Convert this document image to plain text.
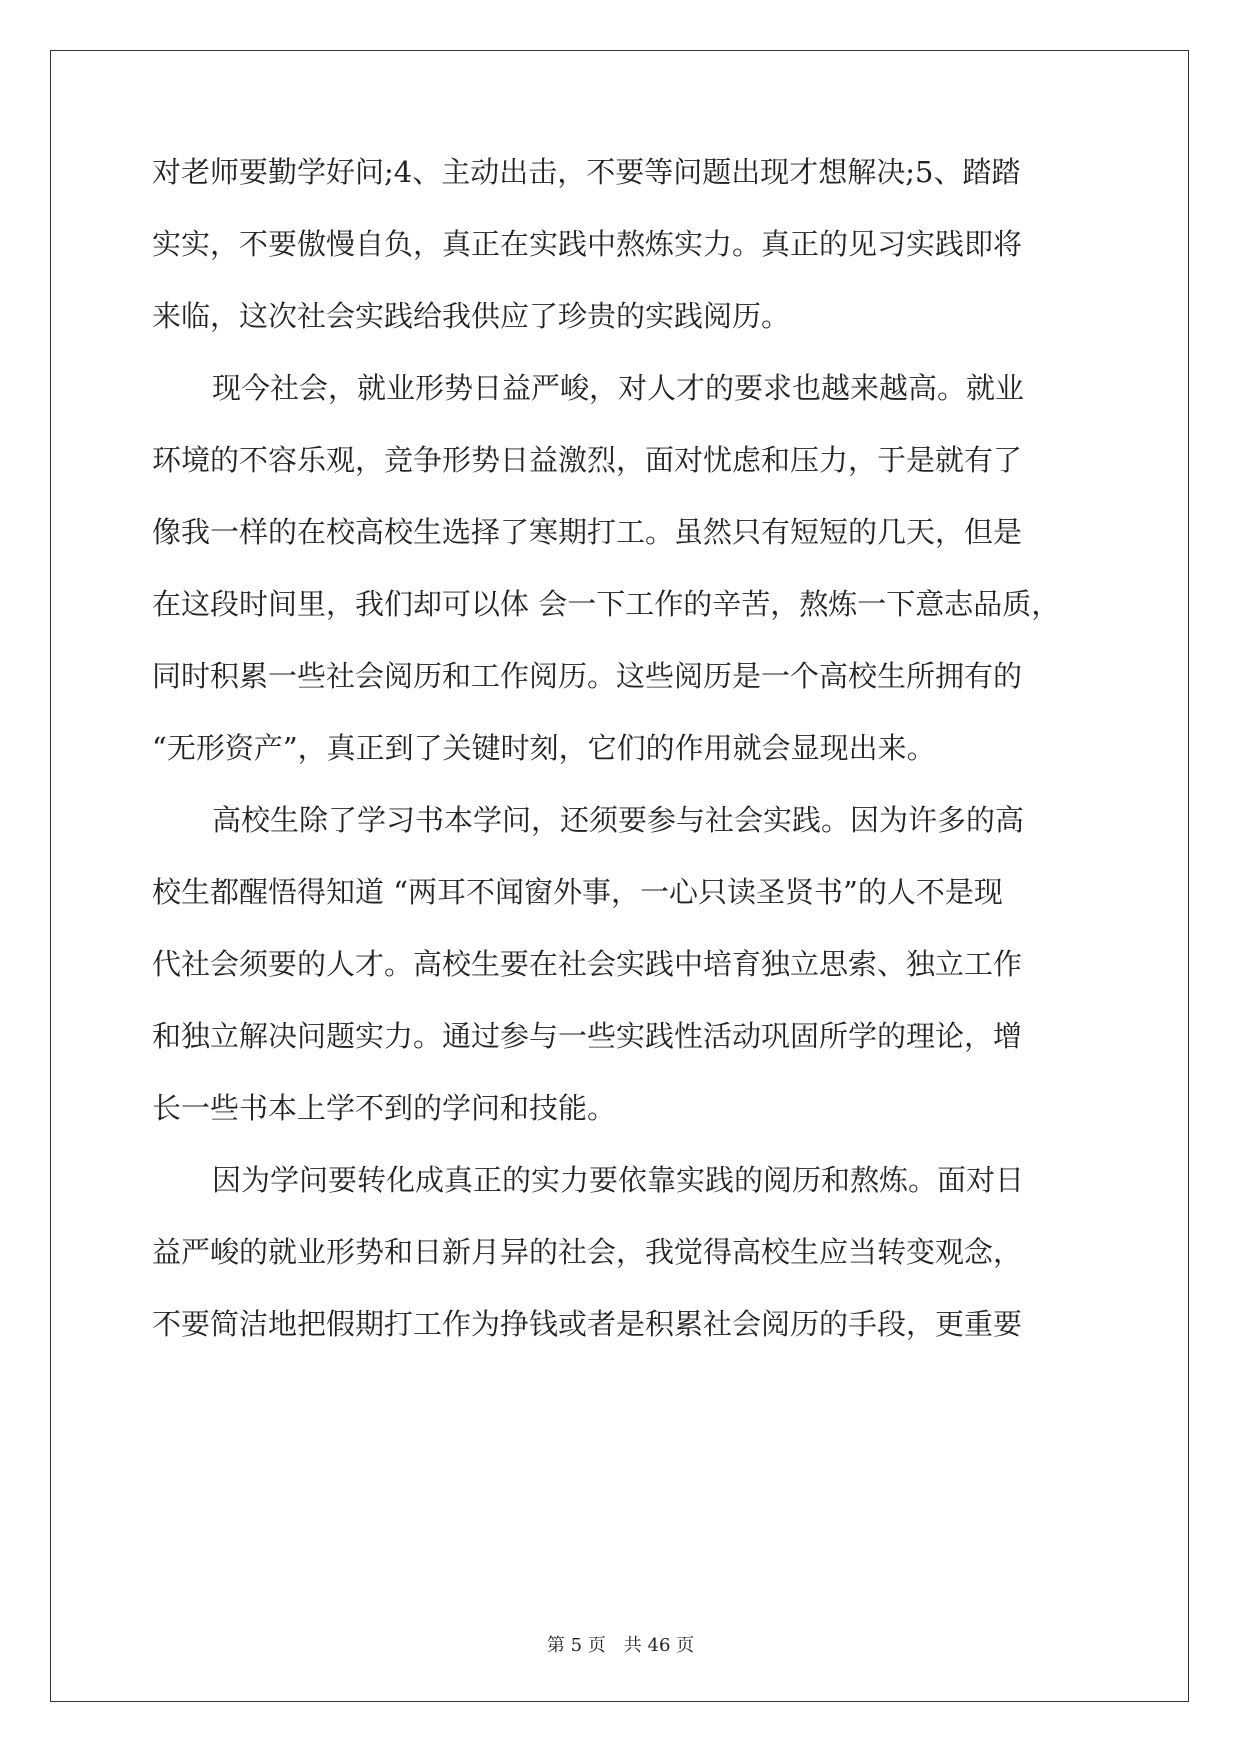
对老师要勤学好问;4、主动出击，不要等问题出现才想解决;5、踏踏
实实，不要傲慢自负，真正在实践中熬炼实力。真正的见习实践即将
来临，这次社会实践给我供应了珍贵的实践阅历。
现今社会，就业形势日益严峻，对人才的要求也越来越高。就业
环境的不容乐观，竞争形势日益激烈，面对忧虑和压力，于是就有了
像我一样的在校高校生选择了寒期打工。虽然只有短短的几天，但是
在这段时间里，我们却可以体 会一下工作的辛苦，熬炼一下意志品质，
同时积累一些社会阅历和工作阅历。这些阅历是一个高校生所拥有的
“无形资产”，真正到了关键时刻，它们的作用就会显现出来。
高校生除了学习书本学问，还须要参与社会实践。因为许多的高
校生都醒悟得知道 “两耳不闻窗外事，一心只读圣贤书”的人不是现
代社会须要的人才。高校生要在社会实践中培育独立思索、独立工作
和独立解决问题实力。通过参与一些实践性活动巩固所学的理论，增
长一些书本上学不到的学问和技能。
因为学问要转化成真正的实力要依靠实践的阅历和熬炼。面对日
益严峻的就业形势和日新月异的社会，我觉得高校生应当转变观念，
不要简洁地把假期打工作为挣钱或者是积累社会阅历的手段，更重要
第 5 页 共 46 页
